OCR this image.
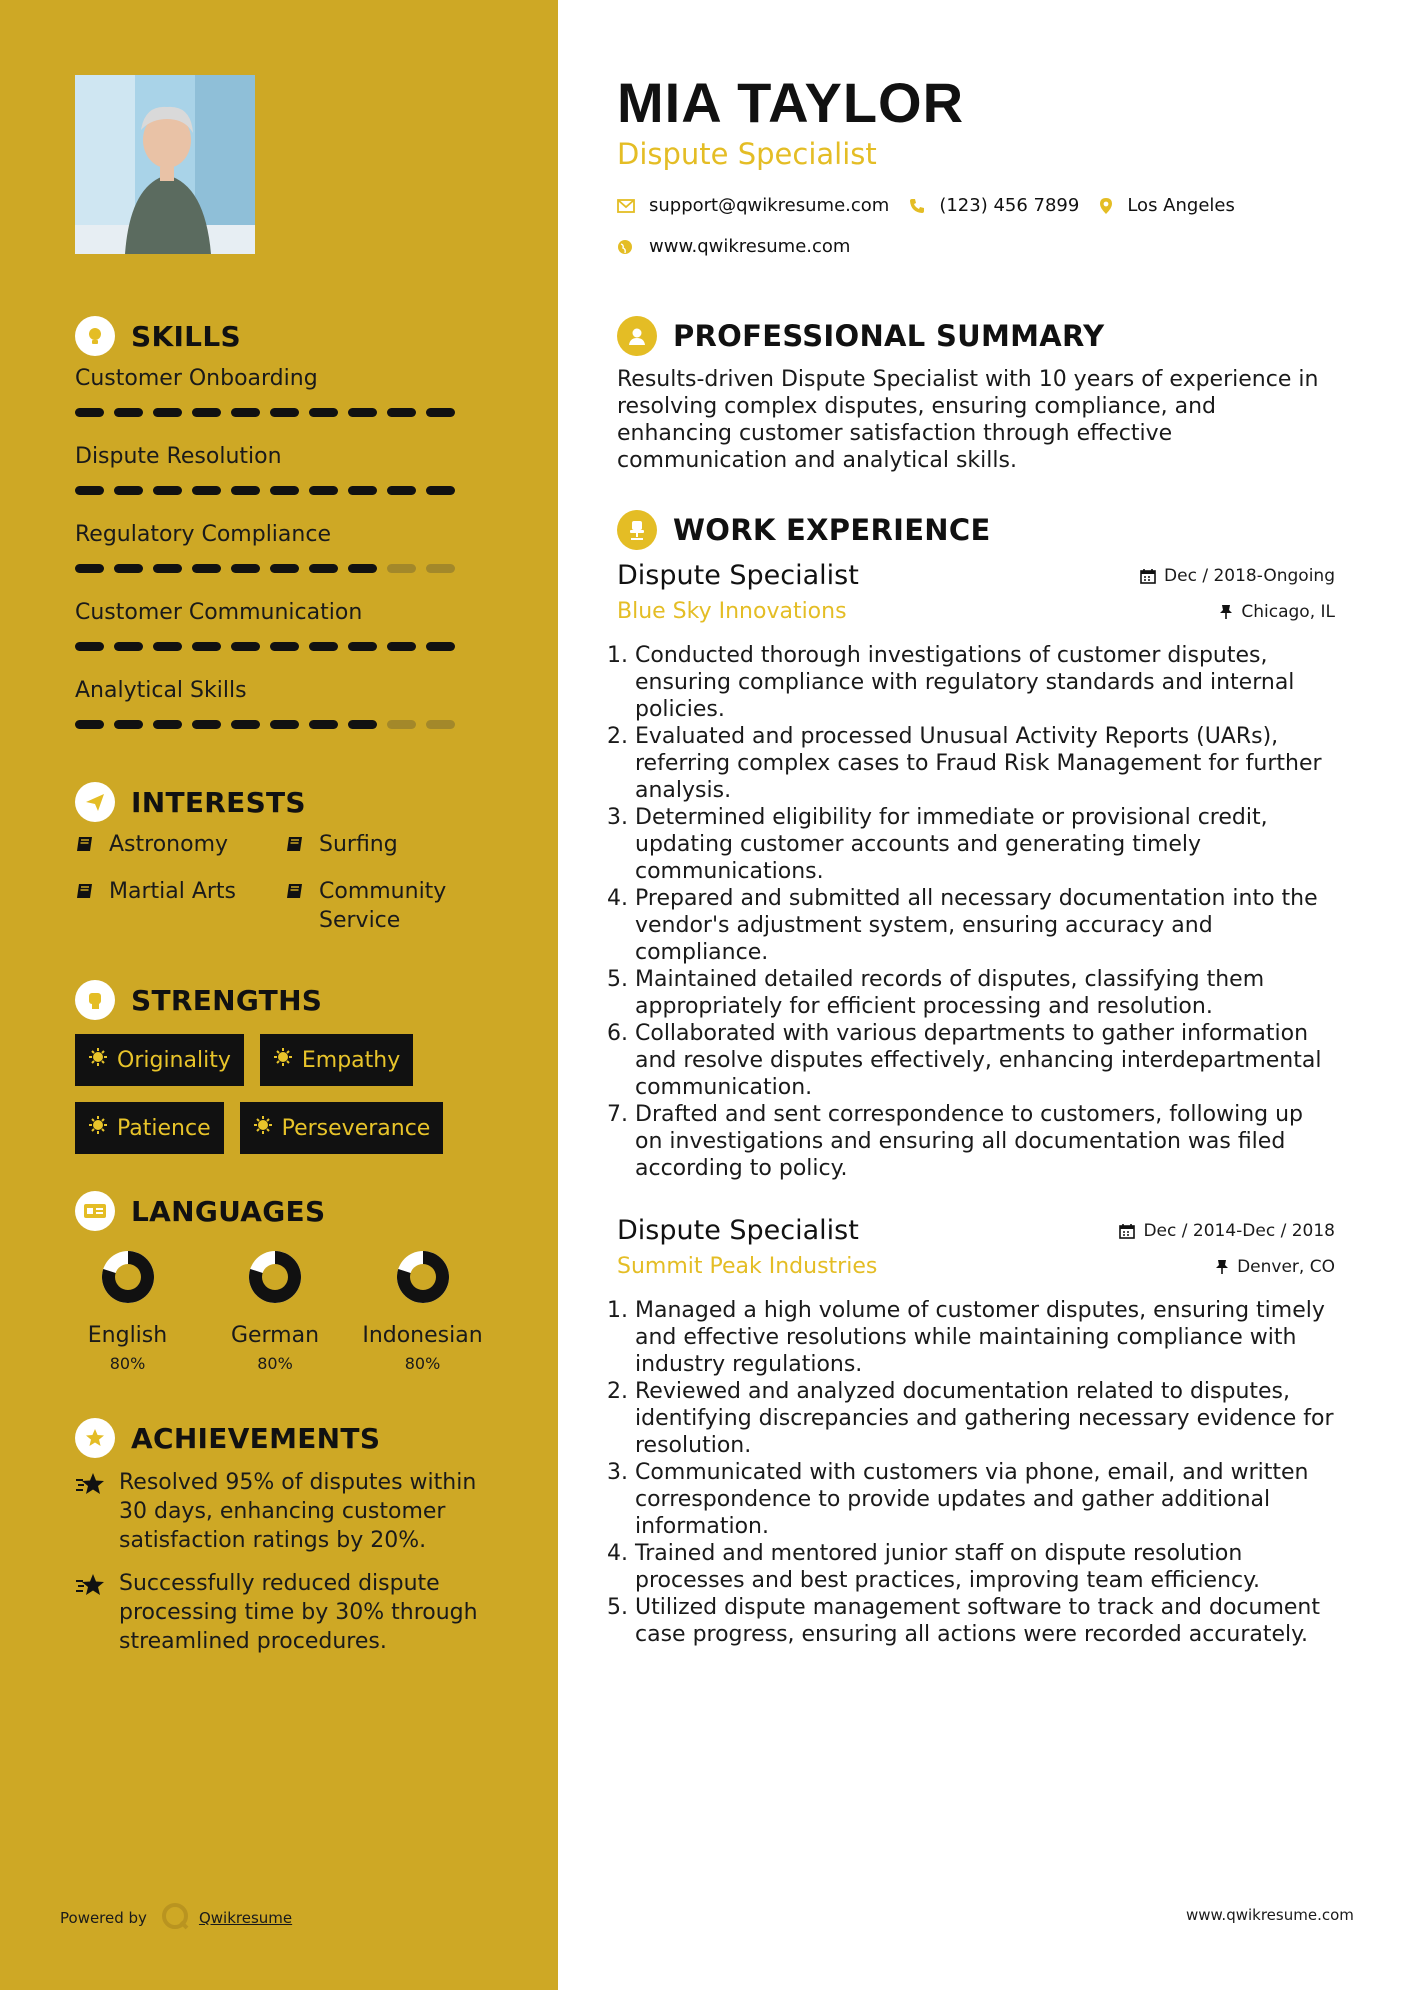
SKILLS
Customer Onboarding
Dispute Resolution
Regulatory Compliance
Customer Communication
Analytical Skills
INTERESTS
Astronomy	Surfing
Martial Arts	Community Service
STRENGTHS
Originality	Empathy
Patience	Perseverance
LANGUAGES
English
80%
German
80%
Indonesian
80%
ACHIEVEMENTS
Resolved 95% of disputes within 30 days, enhancing customer satisfaction ratings by 20%.
Successfully reduced dispute processing time by 30% through streamlined procedures.
Powered by	Qwikresume
MIA TAYLOR
Dispute Specialist
support@qwikresume.com	(123) 456 7899	Los Angeles
www.qwikresume.com
PROFESSIONAL SUMMARY
Results-driven Dispute Specialist with 10 years of experience in resolving complex disputes, ensuring compliance, and enhancing customer satisfaction through effective communication and analytical skills.
WORK EXPERIENCE
Dispute Specialist	Dec / 2018-Ongoing
Blue Sky Innovations	Chicago, IL
1. Conducted thorough investigations of customer disputes, ensuring compliance with regulatory standards and internal policies.
2. Evaluated and processed Unusual Activity Reports (UARs), referring complex cases to Fraud Risk Management for further analysis.
3. Determined eligibility for immediate or provisional credit, updating customer accounts and generating timely communications.
4. Prepared and submitted all necessary documentation into the vendor's adjustment system, ensuring accuracy and compliance.
5. Maintained detailed records of disputes, classifying them appropriately for efficient processing and resolution.
6. Collaborated with various departments to gather information and resolve disputes effectively, enhancing interdepartmental communication.
7. Drafted and sent correspondence to customers, following up on investigations and ensuring all documentation was filed according to policy.
Dispute Specialist	Dec / 2014-Dec / 2018
Summit Peak Industries	Denver, CO
1. Managed a high volume of customer disputes, ensuring timely and effective resolutions while maintaining compliance with industry regulations.
2. Reviewed and analyzed documentation related to disputes, identifying discrepancies and gathering necessary evidence for resolution.
3. Communicated with customers via phone, email, and written correspondence to provide updates and gather additional information.
4. Trained and mentored junior staff on dispute resolution processes and best practices, improving team efficiency.
5. Utilized dispute management software to track and document case progress, ensuring all actions were recorded accurately.
www.qwikresume.com
